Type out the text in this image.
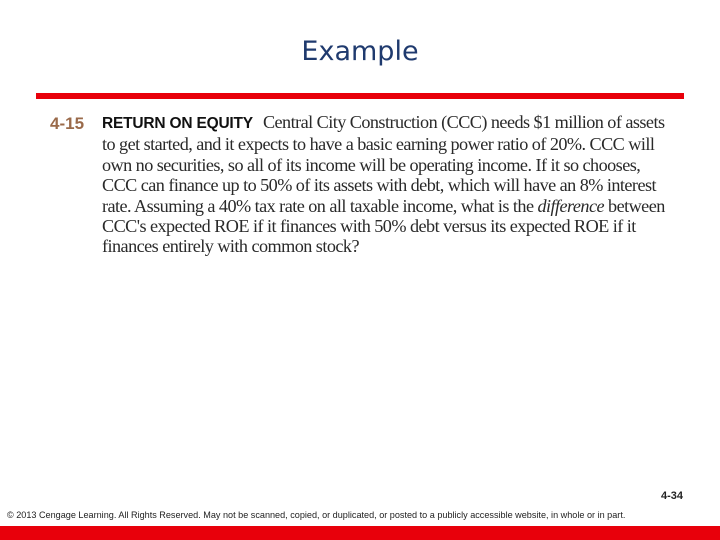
Example
4-15 RETURN ON EQUITY Central City Construction (CCC) needs $1 million of assets to get started, and it expects to have a basic earning power ratio of 20%. CCC will own no securities, so all of its income will be operating income. If it so chooses, CCC can finance up to 50% of its assets with debt, which will have an 8% interest rate. Assuming a 40% tax rate on all taxable income, what is the difference between CCC's expected ROE if it finances with 50% debt versus its expected ROE if it finances entirely with common stock?
4-34
© 2013 Cengage Learning. All Rights Reserved. May not be scanned, copied, or duplicated, or posted to a publicly accessible website, in whole or in part.
